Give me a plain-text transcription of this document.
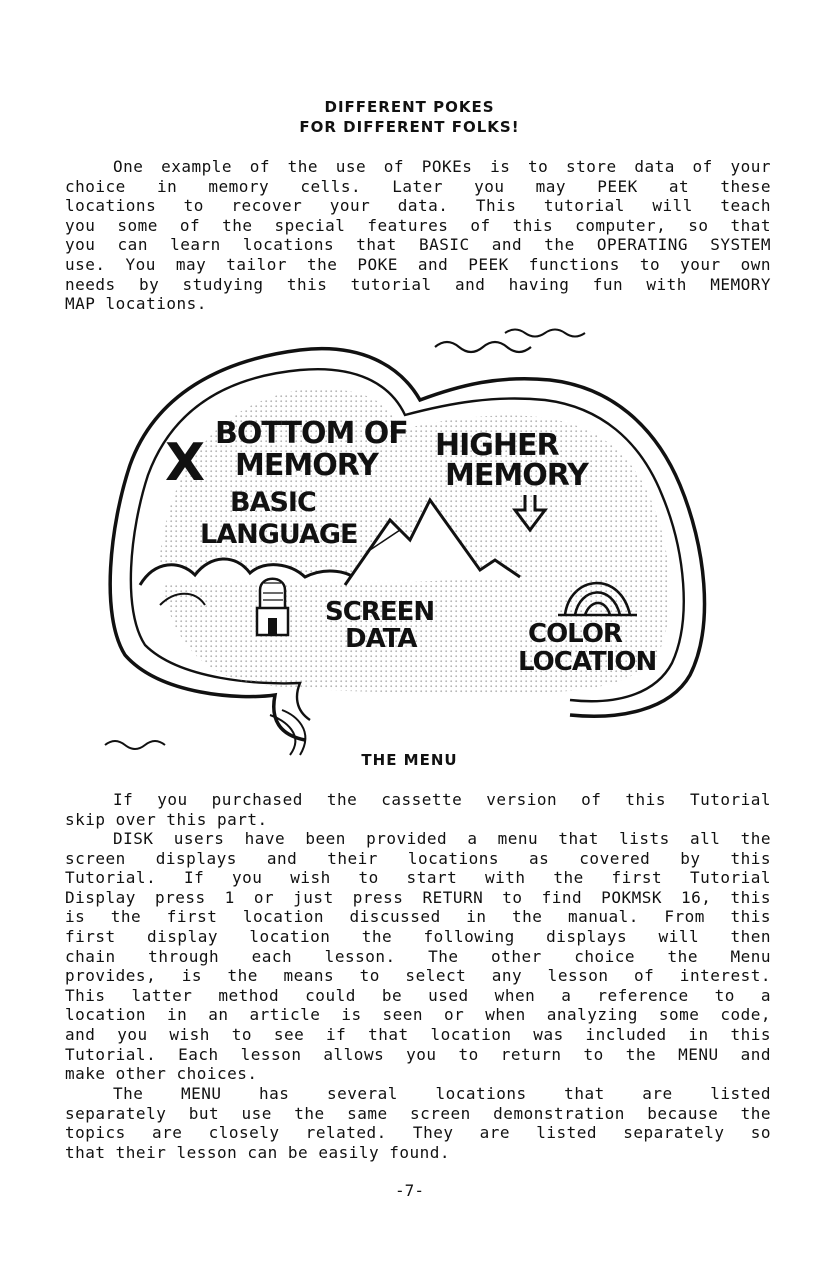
DIFFERENT POKES
FOR DIFFERENT FOLKS!
One example of the use of POKEs is to store data of your
choice in memory cells. Later you may PEEK at these
locations to recover your data. This tutorial will teach
you some of the special features of this computer, so that
you can learn locations that BASIC and the OPERATING SYSTEM
use. You may tailor the POKE and PEEK functions to your own
needs by studying this tutorial and having fun with MEMORY
MAP locations.
X BOTTOM OF
MEMORY
HIGHER
MEMORY
BASIC
LANGUAGE
SCREEN
DATA	COLOR
LOCATION
THE MENU
If you purchased the cassette version of this Tutorial
skip over this part.
DISK users have been provided a menu that lists all the
screen displays and their locations as covered by this
Tutorial. If you wish to start with the first Tutorial
Display press 1 or just press RETURN to find POKMSK 16, this
is the first location discussed in the manual. From this
first display location the following displays will then
chain through each lesson. The other choice the Menu
provides, is the means to select any lesson of interest.
This latter method could be used when a reference to a
location in an article is seen or when analyzing some code,
and you wish to see if that location was included in this
Tutorial. Each lesson allows you to return to the MENU and
make other choices.
The MENU has several locations that are listed
separately but use the same screen demonstration because the
topics are closely related. They are listed separately so
that their lesson can be easily found.

-7-
